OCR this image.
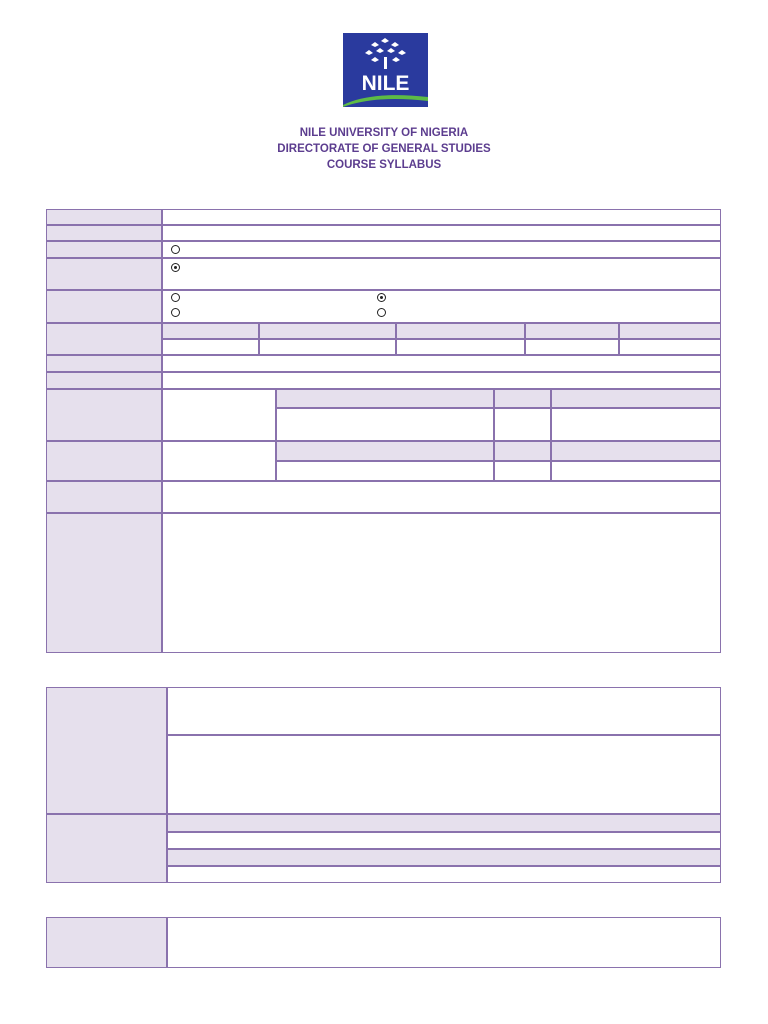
NILE
NILE UNIVERSITY OF NIGERIA
DIRECTORATE OF GENERAL STUDIES
COURSE SYLLABUS
